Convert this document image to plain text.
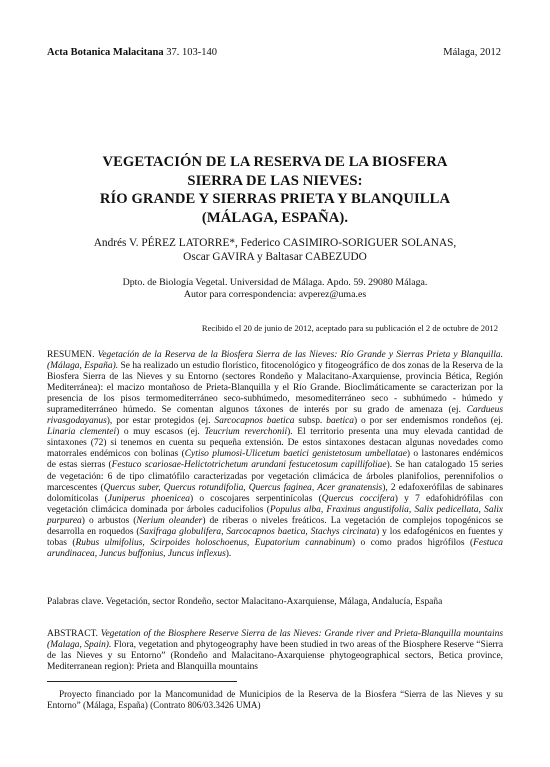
Acta Botanica Malacitana 37. 103-140	Málaga, 2012
VEGETACIÓN DE LA RESERVA DE LA BIOSFERA
SIERRA DE LAS NIEVES:
RÍO GRANDE Y SIERRAS PRIETA Y BLANQUILLA
(MÁLAGA, ESPAÑA).
Andrés V. PÉREZ LATORRE*, Federico CASIMIRO-SORIGUER SOLANAS,
Oscar GAVIRA y Baltasar CABEZUDO
Dpto. de Biología Vegetal. Universidad de Málaga. Apdo. 59. 29080 Málaga.
Autor para correspondencia: avperez@uma.es
Recibido el 20 de junio de 2012, aceptado para su publicación el 2 de octubre de 2012

RESUMEN. Vegetación de la Reserva de la Biosfera Sierra de las Nieves: Río Grande y Sierras Prieta y Blanquilla. (Málaga, España). Se ha realizado un estudio florístico, fitocenológico y fitogeográfico de dos zonas de la Reserva de la Biosfera Sierra de las Nieves y su Entorno (sectores Rondeño y Malacitano-Axarquiense, provincia Bética, Región Mediterránea): el macizo montañoso de Prieta-Blanquilla y el Río Grande. Bioclimáticamente se caracterizan por la presencia de los pisos termomediterráneo seco-subhúmedo, mesomediterráneo seco - subhúmedo - húmedo y supramediterráneo húmedo. Se comentan algunos táxones de interés por su grado de amenaza (ej. Cardueus rivasgodayanus), por estar protegidos (ej. Sarcocapnos baetica subsp. baetica) o por ser endemismos rondeños (ej. Linaria clementei) o muy escasos (ej. Teucrium reverchonii). El territorio presenta una muy elevada cantidad de sintaxones (72) si tenemos en cuenta su pequeña extensión. De estos sintaxones destacan algunas novedades como matorrales endémicos con bolinas (Cytiso plumosi-Ulicetum baetici genistetosum umbellatae) o lastonares endémicos de estas sierras (Festuco scariosae-Helictotrichetum arundani festucetosum capillifoliae). Se han catalogado 15 series de vegetación: 6 de tipo climatófilo caracterizadas por vegetación climácica de árboles planifolios, perennifolios o marcescentes (Quercus suber, Quercus rotundifolia, Quercus faginea, Acer granatensis), 2 edafoxerófilas de sabinares dolomíticolas (Juniperus phoenicea) o coscojares serpentinícolas (Quercus coccifera) y 7 edafohidrófilas con vegetación climácica dominada por árboles caducifolios (Populus alba, Fraxinus angustifolia, Salix pedicellata, Salix purpurea) o arbustos (Nerium oleander) de riberas o niveles freáticos. La vegetación de complejos topogénicos se desarrolla en roquedos (Saxifraga globulifera, Sarcocapnos baetica, Stachys circinata) y los edafogénicos en fuentes y tobas (Rubus ulmifolius, Scirpoides holoschoenus, Eupatorium cannabinum) o como prados higrófilos (Festuca arundinacea, Juncus buffonius, Juncus inflexus).

Palabras clave. Vegetación, sector Rondeño, sector Malacitano-Axarquiense, Málaga, Andalucía, España
ABSTRACT. Vegetation of the Biosphere Reserve Sierra de las Nieves: Grande river and Prieta-Blanquilla mountains (Malaga, Spain). Flora, vegetation and phytogeography have been studied in two areas of the Biosphere Reserve “Sierra de las Nieves y su Entorno” (Rondeño and Malacitano-Axarquiense phytogeographical sectors, Betica province, Mediterranean region): Prieta and Blanquilla mountains
Proyecto financiado por la Mancomunidad de Municipios de la Reserva de la Biosfera “Sierra de las Nieves y su Entorno” (Málaga, España) (Contrato 806/03.3426 UMA)
